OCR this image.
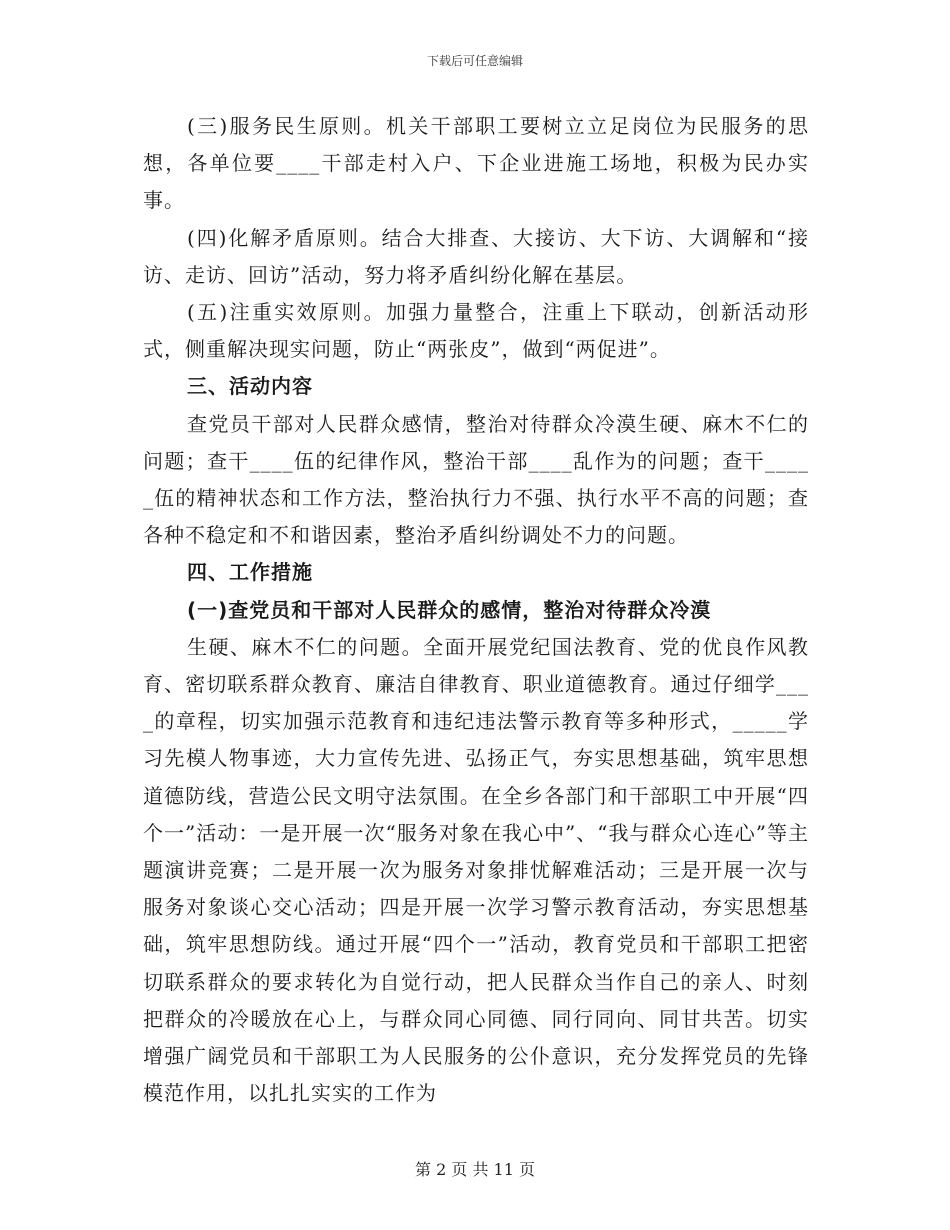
下载后可任意编辑

(三)服务民生原则。机关干部职工要树立立足岗位为民服务的思想，各单位要____干部走村入户、下企业进施工场地，积极为民办实事。

(四)化解矛盾原则。结合大排查、大接访、大下访、大调解和“接访、走访、回访”活动，努力将矛盾纠纷化解在基层。

(五)注重实效原则。加强力量整合，注重上下联动，创新活动形式，侧重解决现实问题，防止“两张皮”，做到“两促进”。

三、活动内容

查党员干部对人民群众感情，整治对待群众冷漠生硬、麻木不仁的问题；查干____伍的纪律作风，整治干部____乱作为的问题；查干_____伍的精神状态和工作方法，整治执行力不强、执行水平不高的问题；查各种不稳定和不和谐因素，整治矛盾纠纷调处不力的问题。

四、工作措施

(一)查党员和干部对人民群众的感情，整治对待群众冷漠

生硬、麻木不仁的问题。全面开展党纪国法教育、党的优良作风教育、密切联系群众教育、廉洁自律教育、职业道德教育。通过仔细学____的章程，切实加强示范教育和违纪违法警示教育等多种形式，_____学习先模人物事迹，大力宣传先进、弘扬正气，夯实思想基础，筑牢思想道德防线，营造公民文明守法氛围。在全乡各部门和干部职工中开展“四个一”活动：一是开展一次“服务对象在我心中”、“我与群众心连心”等主题演讲竞赛；二是开展一次为服务对象排忧解难活动；三是开展一次与服务对象谈心交心活动；四是开展一次学习警示教育活动，夯实思想基础，筑牢思想防线。通过开展“四个一”活动，教育党员和干部职工把密切联系群众的要求转化为自觉行动，把人民群众当作自己的亲人、时刻把群众的冷暖放在心上，与群众同心同德、同行同向、同甘共苦。切实增强广阔党员和干部职工为人民服务的公仆意识，充分发挥党员的先锋模范作用，以扎扎实实的工作为

第 2 页 共 11 页
